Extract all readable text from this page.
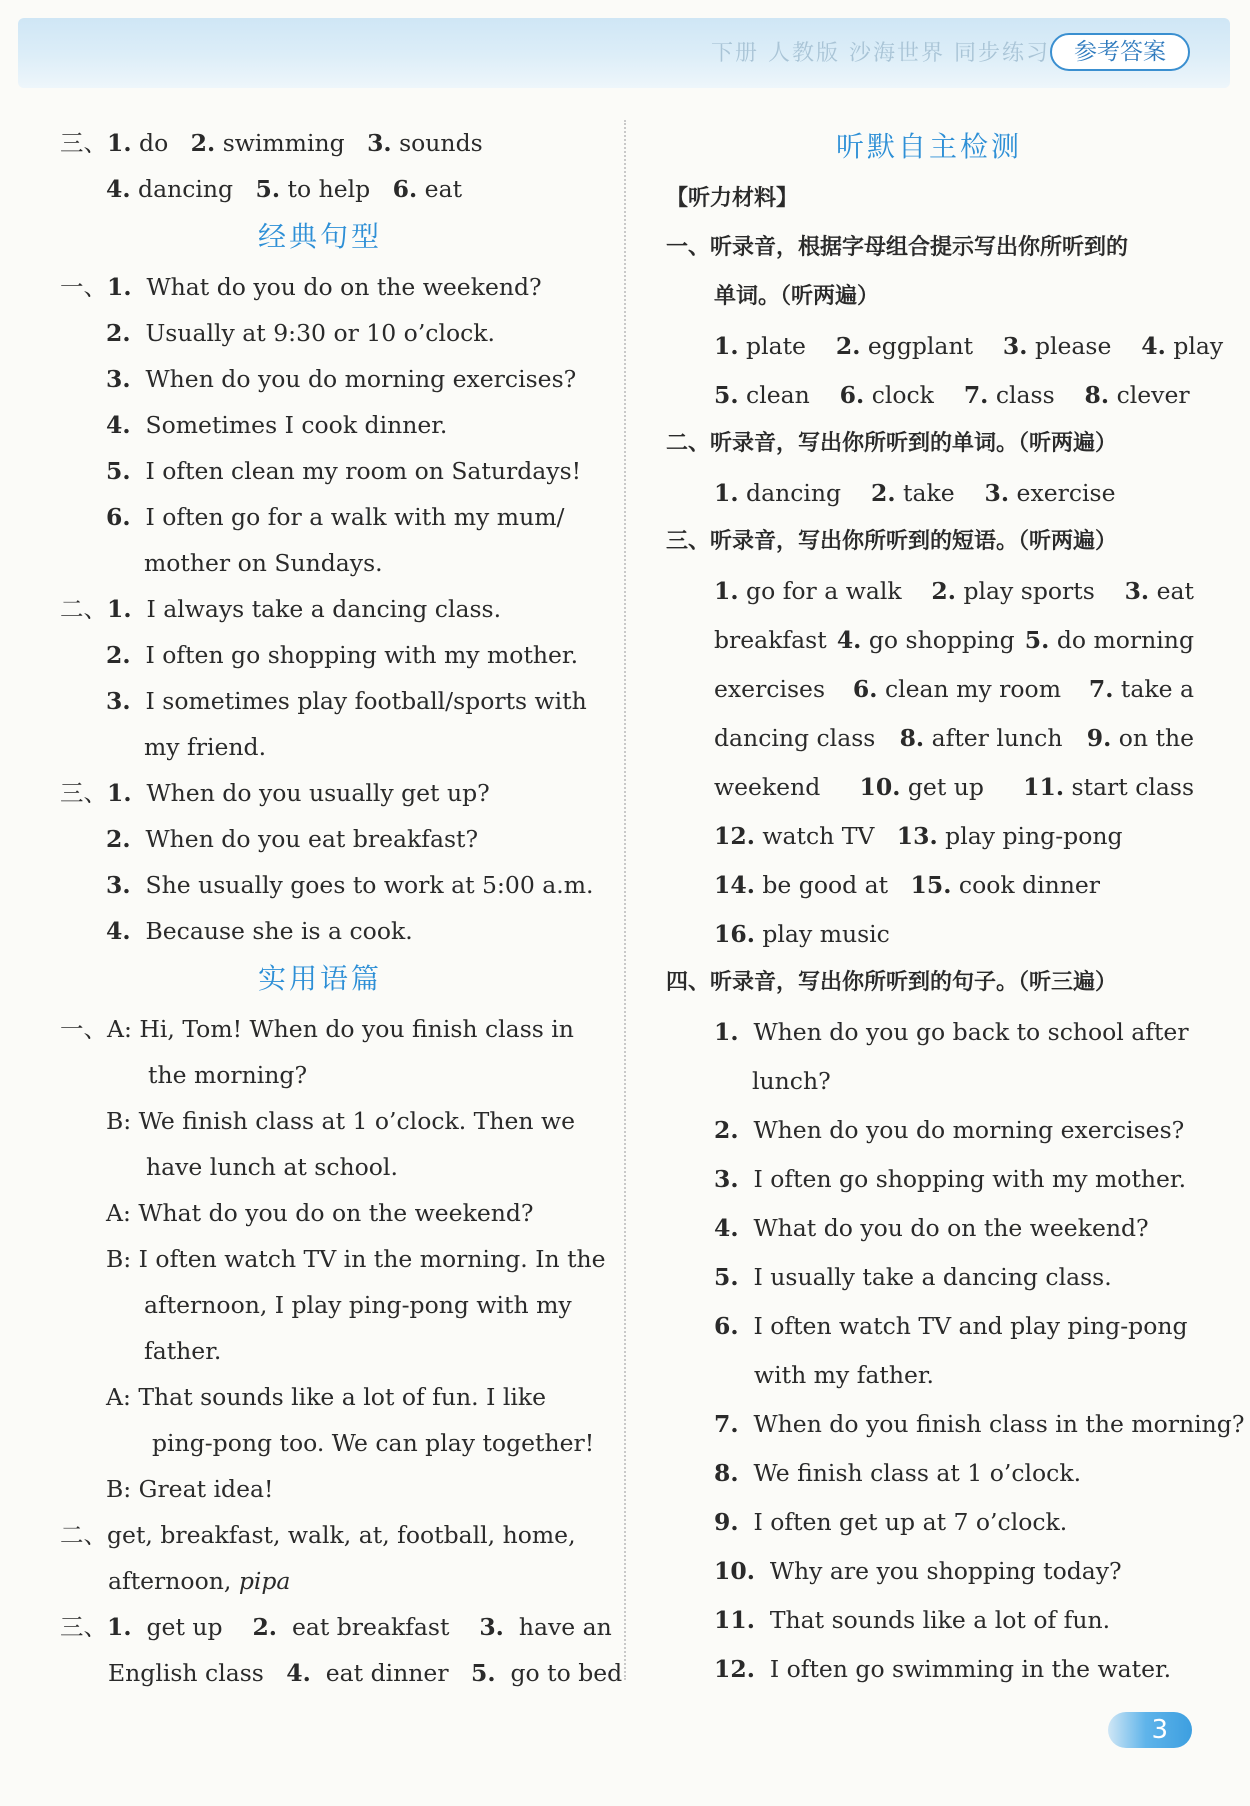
下册 人教版 沙海世界 同步练习	参考答案
三、1. do 2. swimming 3. sounds
4. dancing 5. to help 6. eat
经典句型
一、1. What do you do on the weekend?
2. Usually at 9:30 or 10 o’clock.
3. When do you do morning exercises?
4. Sometimes I cook dinner.
5. I often clean my room on Saturdays!
6. I often go for a walk with my mum/
mother on Sundays.
二、1. I always take a dancing class.
2. I often go shopping with my mother.
3. I sometimes play football/sports with
my friend.
三、1. When do you usually get up?
2. When do you eat breakfast?
3. She usually goes to work at 5:00 a.m.
4. Because she is a cook.
实用语篇
一、A: Hi, Tom! When do you finish class in
the morning?
B: We finish class at 1 o’clock. Then we
have lunch at school.
A: What do you do on the weekend?
B: I often watch TV in the morning. In the
afternoon, I play ping-pong with my
father.
A: That sounds like a lot of fun. I like
ping-pong too. We can play together!
B: Great idea!
二、get, breakfast, walk, at, football, home,
afternoon, pipa
三、1. get up 2. eat breakfast 3. have an
English class 4. eat dinner 5. go to bed
听默自主检测
【听力材料】
一、听录音，根据字母组合提示写出你所听到的
单词。（听两遍）
1. plate 2. eggplant 3. please 4. play
5. clean 6. clock 7. class 8. clever
二、听录音，写出你所听到的单词。（听两遍）
1. dancing 2. take 3. exercise
三、听录音，写出你所听到的短语。（听两遍）
1. go for a walk 2. play sports 3. eat
breakfast 4. go shopping 5. do morning
exercises 6. clean my room 7. take a
dancing class 8. after lunch 9. on the
weekend 10. get up 11. start class
12. watch TV 13. play ping-pong
14. be good at 15. cook dinner
16. play music
四、听录音，写出你所听到的句子。（听三遍）
1. When do you go back to school after
lunch?
2. When do you do morning exercises?
3. I often go shopping with my mother.
4. What do you do on the weekend?
5. I usually take a dancing class.
6. I often watch TV and play ping-pong
with my father.
7. When do you finish class in the morning?
8. We finish class at 1 o’clock.
9. I often get up at 7 o’clock.
10. Why are you shopping today?
11. That sounds like a lot of fun.
12. I often go swimming in the water.
3
